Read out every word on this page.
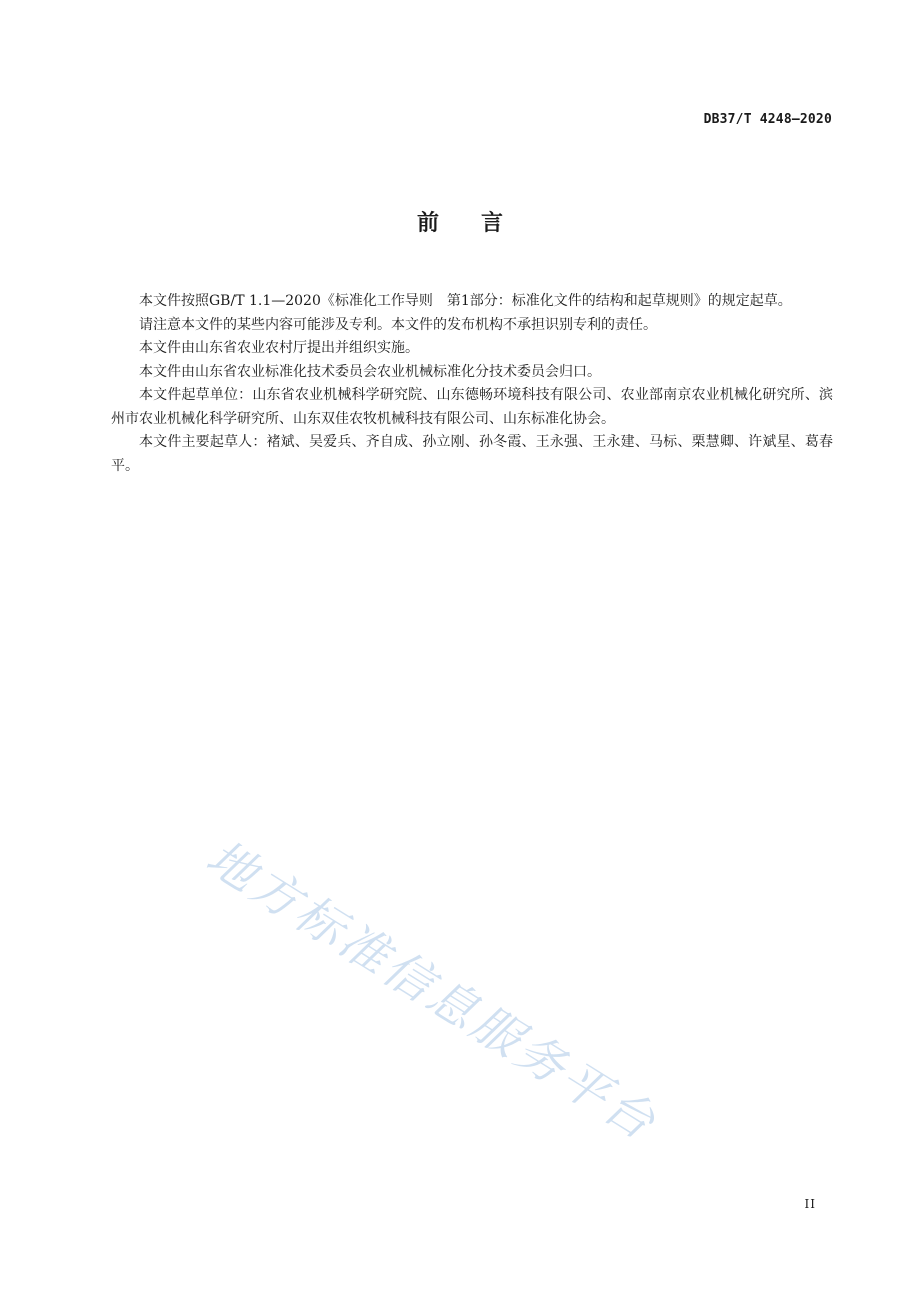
DB37/T 4248—2020
前言

本文件按照GB/T 1.1—2020《标准化工作导则　第1部分：标准化文件的结构和起草规则》的规定起草。

请注意本文件的某些内容可能涉及专利。本文件的发布机构不承担识别专利的责任。

本文件由山东省农业农村厅提出并组织实施。

本文件由山东省农业标准化技术委员会农业机械标准化分技术委员会归口。

本文件起草单位：山东省农业机械科学研究院、山东德畅环境科技有限公司、农业部南京农业机械化研究所、滨州市农业机械化科学研究所、山东双佳农牧机械科技有限公司、山东标准化协会。

本文件主要起草人：褚斌、吴爱兵、齐自成、孙立刚、孙冬霞、王永强、王永建、马标、栗慧卿、许斌星、葛春平。

地方标准信息服务平台
II
